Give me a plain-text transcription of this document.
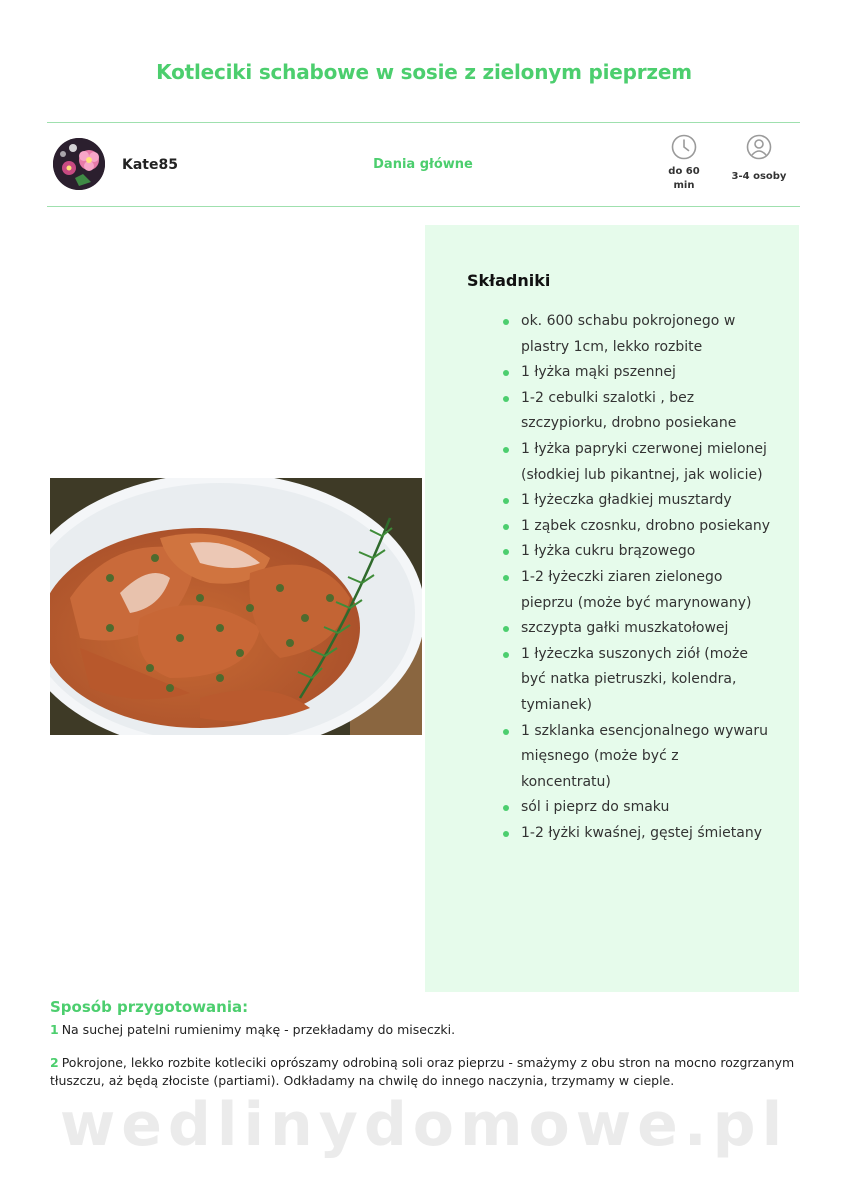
Kotleciki schabowe w sosie z zielonym pieprzem
Kate85	Dania główne	do 60 min
3-4 osoby
Składniki
ok. 600 schabu pokrojonego w plastry 1cm, lekko rozbite
1 łyżka mąki pszennej
1-2 cebulki szalotki , bez szczypiorku, drobno posiekane
1 łyżka papryki czerwonej mielonej (słodkiej lub pikantnej, jak wolicie)
1 łyżeczka gładkiej musztardy
1 ząbek czosnku, drobno posiekany
1 łyżka cukru brązowego
1-2 łyżeczki ziaren zielonego pieprzu (może być marynowany)
szczypta gałki muszkatołowej
1 łyżeczka suszonych ziół (może być natka pietruszki, kolendra, tymianek)
1 szklanka esencjonalnego wywaru mięsnego (może być z koncentratu)
sól i pieprz do smaku
1-2 łyżki kwaśnej, gęstej śmietany
Sposób przygotowania:
1 Na suchej patelni rumienimy mąkę - przekładamy do miseczki.
2 Pokrojone, lekko rozbite kotleciki oprószamy odrobiną soli oraz pieprzu - smażymy z obu stron na mocno rozgrzanym tłuszczu, aż będą złociste (partiami). Odkładamy na chwilę do innego naczynia, trzymamy w cieple.
wedlinydomowe.pl
